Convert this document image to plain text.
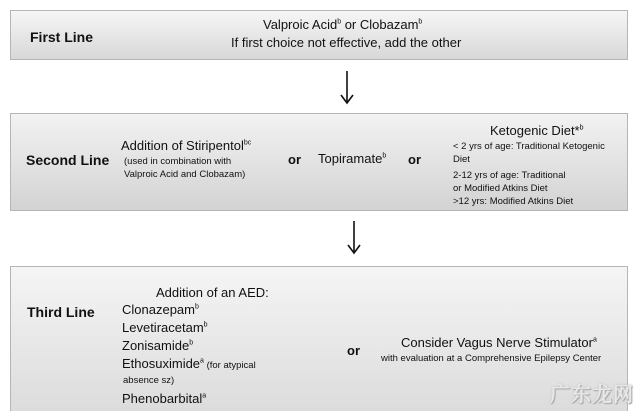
First Line
Valproic Acid$^b$ or Clobazam$^b$
If first choice not effective, add the other
Second Line
Addition of Stiripentol$^{bc}$
(used in combination with
Valproic Acid and Clobazam)
or Topiramate$^b$ or
Ketogenic Diet*$^b$
< 2 yrs of age: Traditional Ketogenic
Diet
2-12 yrs of age: Traditional
or Modified Atkins Diet
>12 yrs: Modified Atkins Diet
Third Line
Addition of an AED:
Clonazepam$^b$
Levetiracetam$^b$
Zonisamide$^b$
Ethosuximide$^a$ (for atypical
absence sz)
Phenobarbital$^a$
or
Consider Vagus Nerve Stimulator$^a$
with evaluation at a Comprehensive Epilepsy Center
广东龙网
